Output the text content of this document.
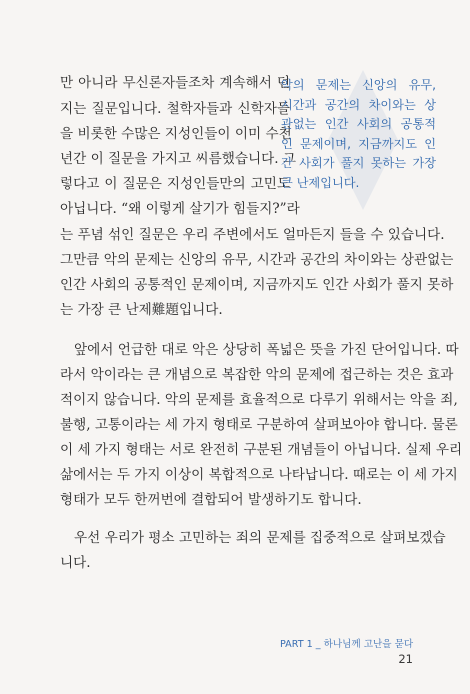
만 아니라 무신론자들조차 계속해서 던
지는 질문입니다. 철학자들과 신학자들
을 비롯한 수많은 지성인들이 이미 수천
년간 이 질문을 가지고 씨름했습니다. 그
렇다고 이 질문은 지성인들만의 고민도
아닙니다. “왜 이렇게 살기가 힘들지?”라
는 푸념 섞인 질문은 우리 주변에서도 얼마든지 들을 수 있습니다.
그만큼 악의 문제는 신앙의 유무, 시간과 공간의 차이와는 상관없는
인간 사회의 공통적인 문제이며, 지금까지도 인간 사회가 풀지 못하
는 가장 큰 난제難題입니다.
앞에서 언급한 대로 악은 상당히 폭넓은 뜻을 가진 단어입니다. 따
라서 악이라는 큰 개념으로 복잡한 악의 문제에 접근하는 것은 효과
적이지 않습니다. 악의 문제를 효율적으로 다루기 위해서는 악을 죄,
불행, 고통이라는 세 가지 형태로 구분하여 살펴보아야 합니다. 물론
이 세 가지 형태는 서로 완전히 구분된 개념들이 아닙니다. 실제 우리
삶에서는 두 가지 이상이 복합적으로 나타납니다. 때로는 이 세 가지
형태가 모두 한꺼번에 결합되어 발생하기도 합니다.
우선 우리가 평소 고민하는 죄의 문제를 집중적으로 살펴보겠습
니다.
악의 문제는 신앙의 유무,
시간과 공간의 차이와는 상
관없는 인간 사회의 공통적
인 문제이며, 지금까지도 인
간 사회가 풀지 못하는 가장
큰 난제입니다.
PART 1 _ 하나님께 고난을 묻다
21
